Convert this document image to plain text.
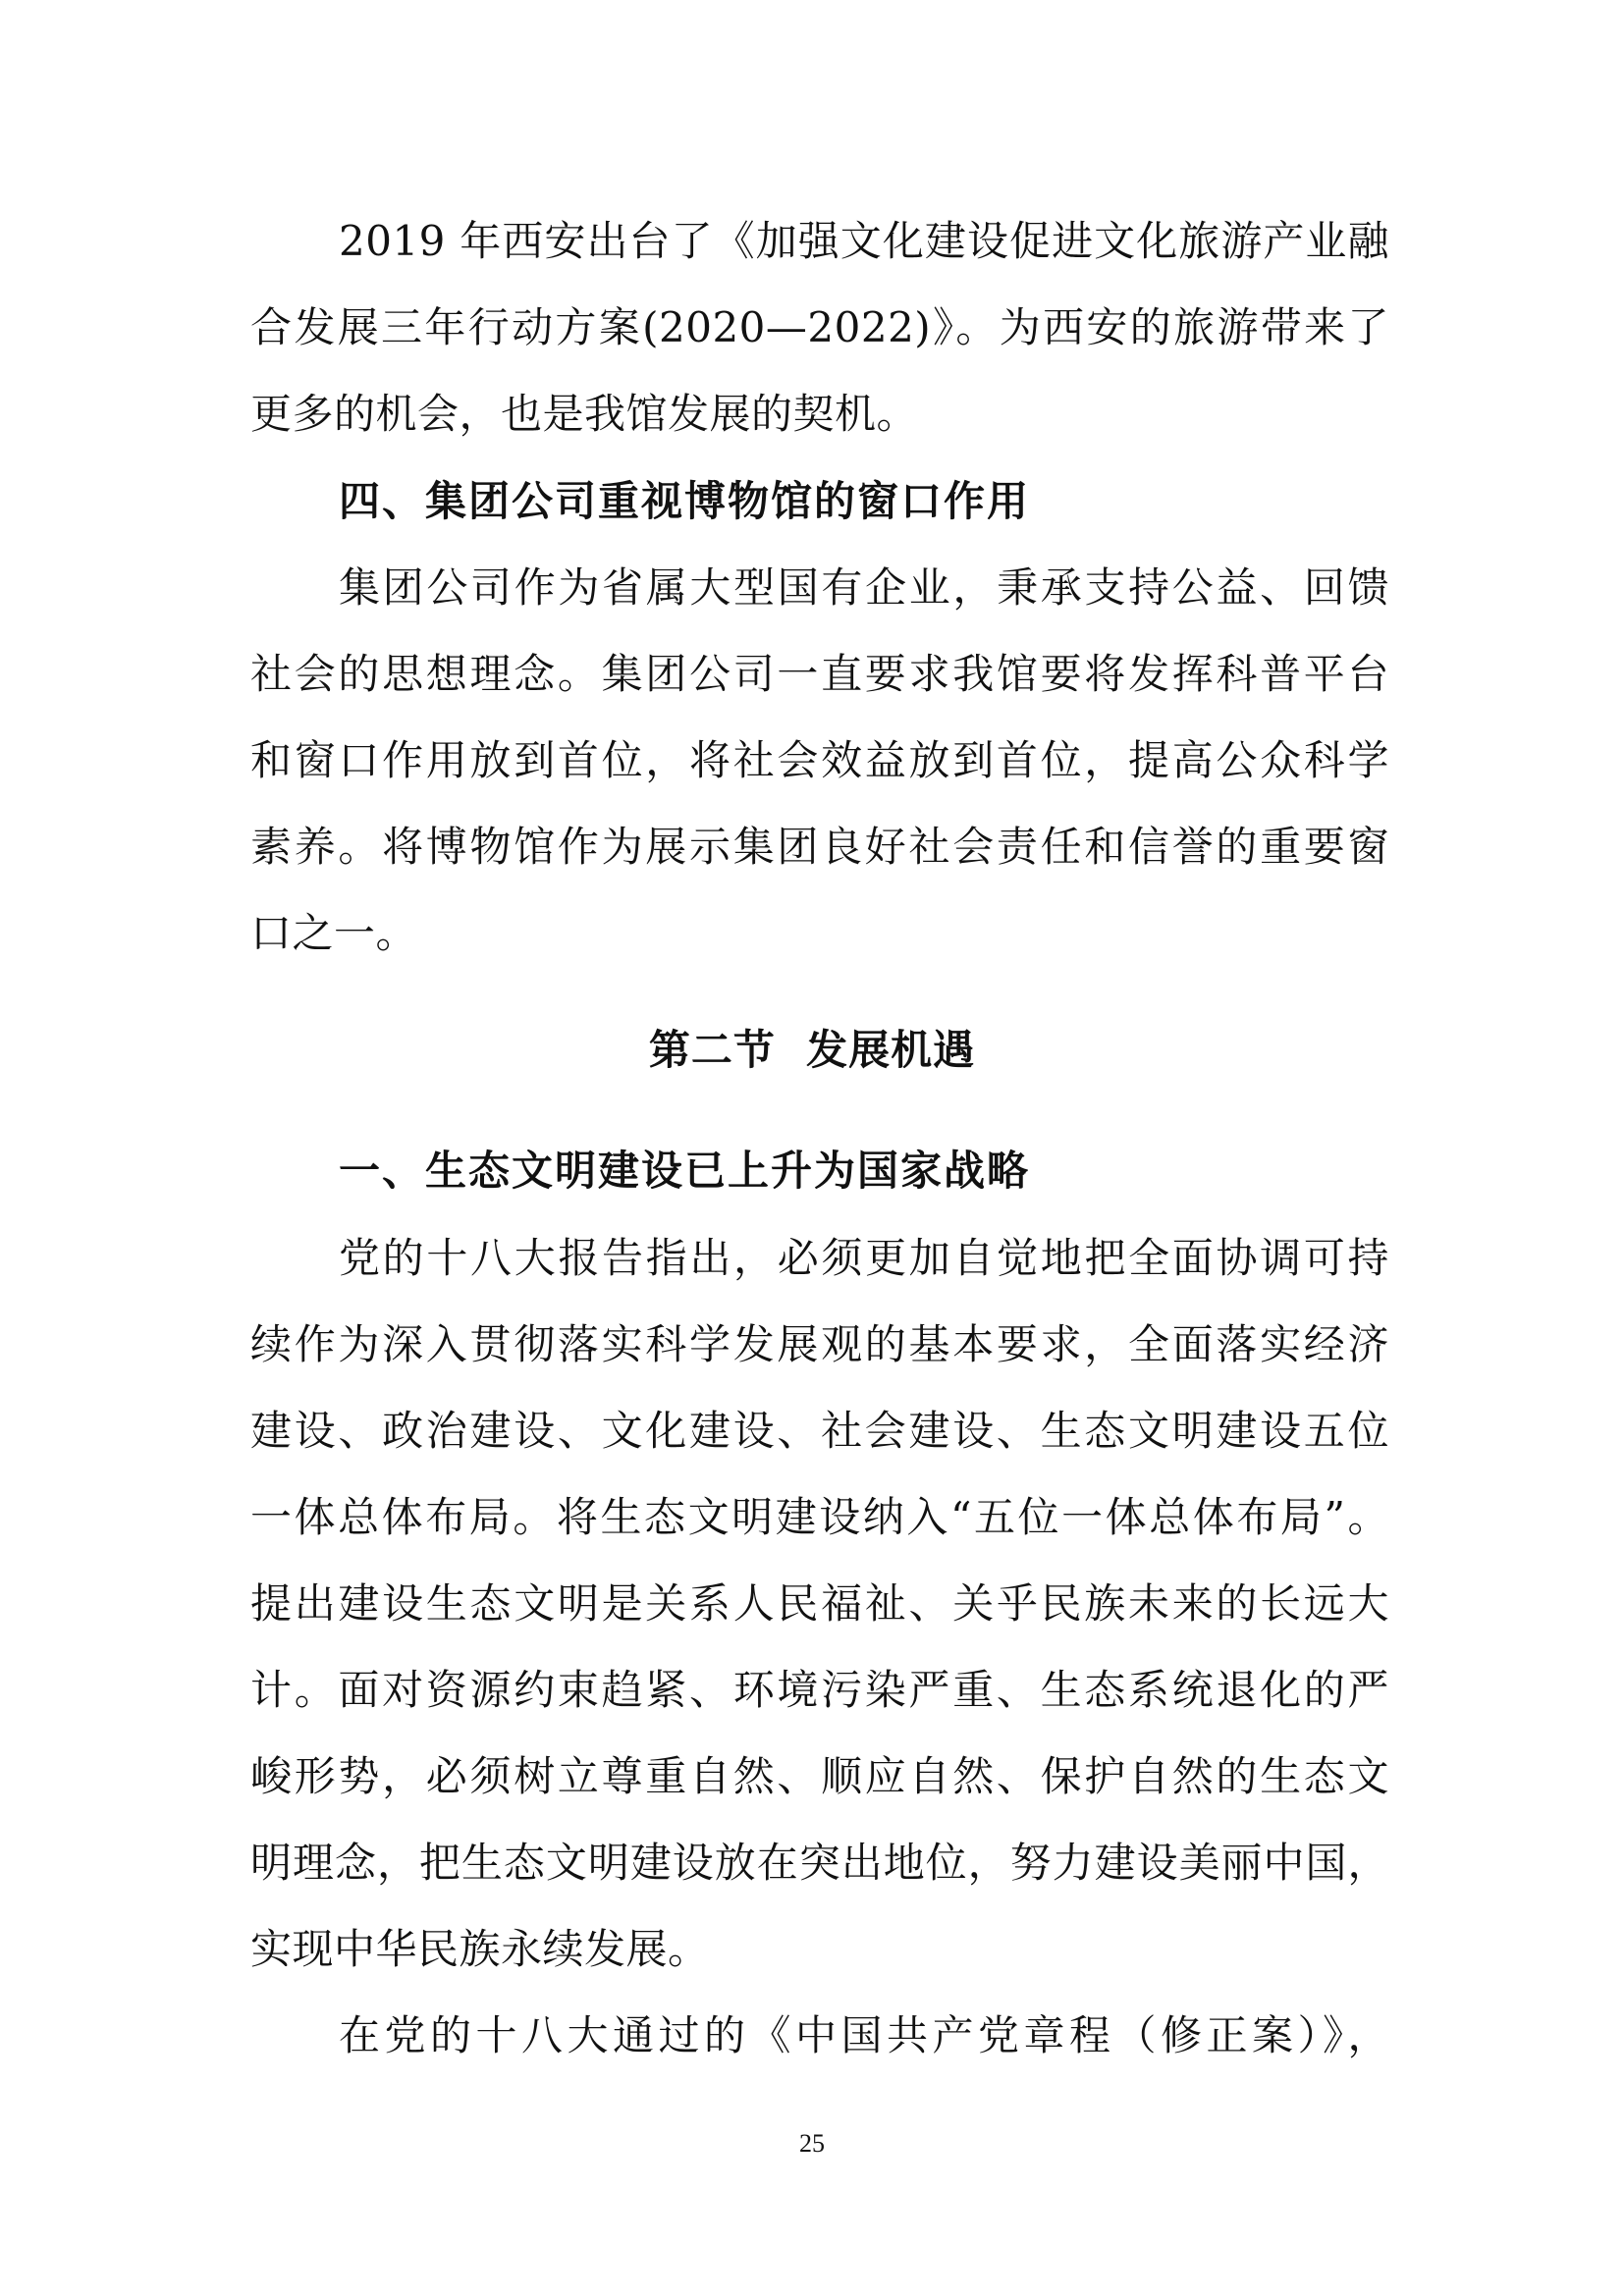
2019 年西安出台了《加强文化建设促进文化旅游产业融
合发展三年行动方案(2020—2022)》。为西安的旅游带来了
更多的机会，也是我馆发展的契机。
四、集团公司重视博物馆的窗口作用
集团公司作为省属大型国有企业，秉承支持公益、回馈
社会的思想理念。集团公司一直要求我馆要将发挥科普平台
和窗口作用放到首位，将社会效益放到首位，提高公众科学
素养。将博物馆作为展示集团良好社会责任和信誉的重要窗
口之一。
第二节  发展机遇
一、生态文明建设已上升为国家战略
党的十八大报告指出，必须更加自觉地把全面协调可持
续作为深入贯彻落实科学发展观的基本要求，全面落实经济
建设、政治建设、文化建设、社会建设、生态文明建设五位
一体总体布局。将生态文明建设纳入“五位一体总体布局”。
提出建设生态文明是关系人民福祉、关乎民族未来的长远大
计。面对资源约束趋紧、环境污染严重、生态系统退化的严
峻形势，必须树立尊重自然、顺应自然、保护自然的生态文
明理念，把生态文明建设放在突出地位，努力建设美丽中国，
实现中华民族永续发展。
在党的十八大通过的《中国共产党章程（修正案）》，
25
